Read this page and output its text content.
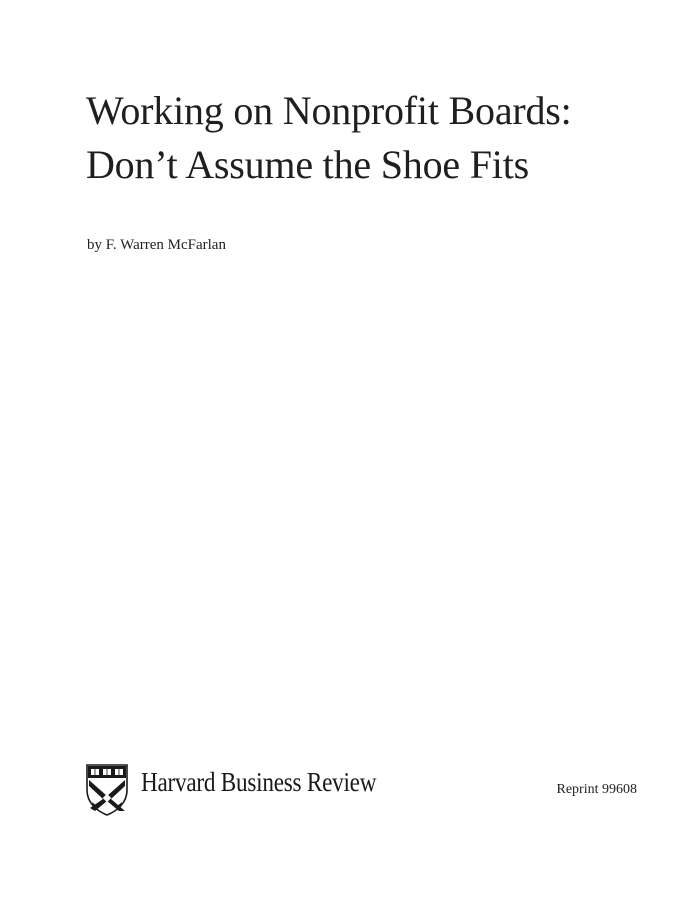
Working on Nonprofit Boards:
Don’t Assume the Shoe Fits

by F. Warren McFarlan

Harvard Business Review	Reprint 99608
